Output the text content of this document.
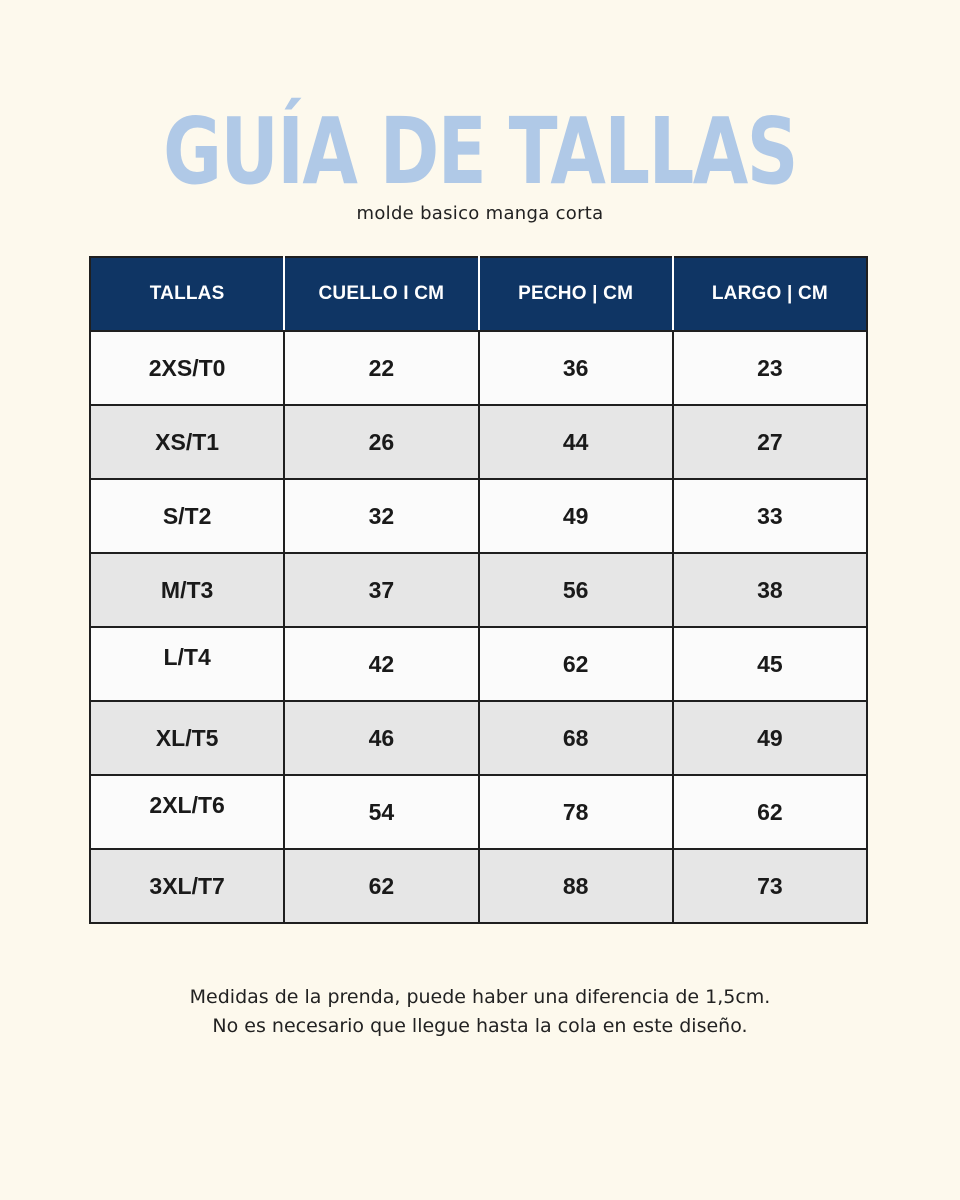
GUÍA DE TALLAS
molde basico manga corta
TALLAS	CUELLO I CM	PECHO | CM	LARGO | CM
2XS/T0	22	36	23
XS/T1	26	44	27
S/T2	32	49	33
M/T3	37	56	38
L/T4	42	62	45
XL/T5	46	68	49
2XL/T6	54	78	62
3XL/T7	62	88	73
Medidas de la prenda, puede haber una diferencia de 1,5cm.
No es necesario que llegue hasta la cola en este diseño.
